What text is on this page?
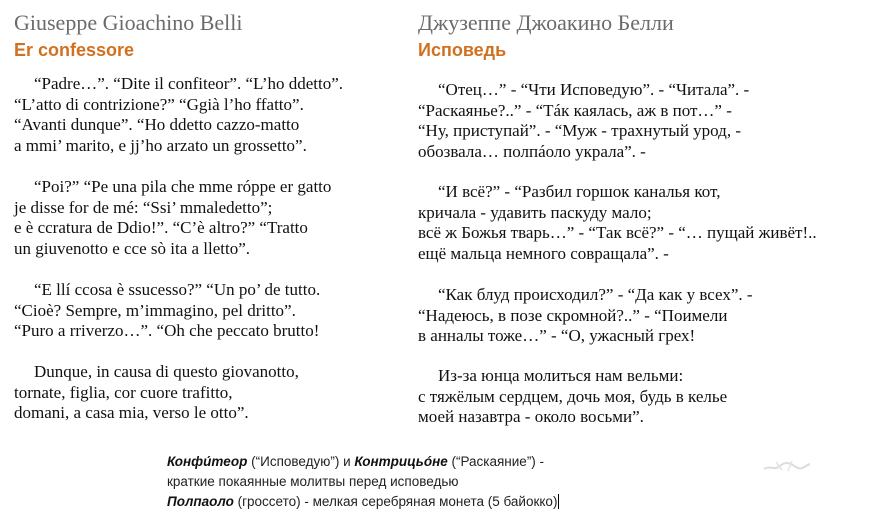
Giuseppe Gioachino Belli
Er confessore
“Padre…”. “Dite il confiteor”. “L’ho ddetto”.
“L’atto di contrizione?” “Ggià l’ho ffatto”.
“Avanti dunque”. “Ho ddetto cazzo-matto
a mmi’ marito, e jj’ho arzato un grossetto”.
“Poi?” “Pe una pila che mme róppe er gatto
je disse for de mé: “Ssi’ mmaledetto”;
e è ccratura de Ddio!”. “C’è altro?” “Tratto
un giuvenotto e cce sò ita a lletto”.
“E llí ccosa è ssucesso?” “Un po’ de tutto.
“Cioè? Sempre, m’immagino, pel dritto”.
“Puro a rriverzo…”. “Oh che peccato brutto!
Dunque, in causa di questo giovanotto,
tornate, figlia, cor cuore trafitto,
domani, a casa mia, verso le otto”.
Джузеппе Джоакино Белли
Исповедь
“Отец…” - “Чти Исповедую”. - “Читала”. -
“Раскаянье?..” - “Тáк каялась, аж в пот…” -
“Ну, приступай”. - “Муж - трахнутый урод, -
обозвала… полпáолo украла”. -
“И всё?” - “Разбил горшок каналья кот,
кричала - удавить паскуду мало;
всё ж Божья тварь…” - “Так всё?” - “… пущай живёт!..
ещё мальца немного совращала”. -
“Как блуд происходил?” - “Да как у всех”. -
“Надеюсь, в позе скромной?..” - “Поимели
в анналы тоже…” - “О, ужасный грех!
Из-за юнца молиться нам вельми:
с тяжёлым сердцем, дочь моя, будь в келье
моей назавтра - около восьми”.
Конфи́теор (“Исповедую”) и Контрицьóне (“Раскаяние”) -
краткие покаянные молитвы перед исповедью
Полпаоло (гроссето) - мелкая серебряная монета (5 байокко)
